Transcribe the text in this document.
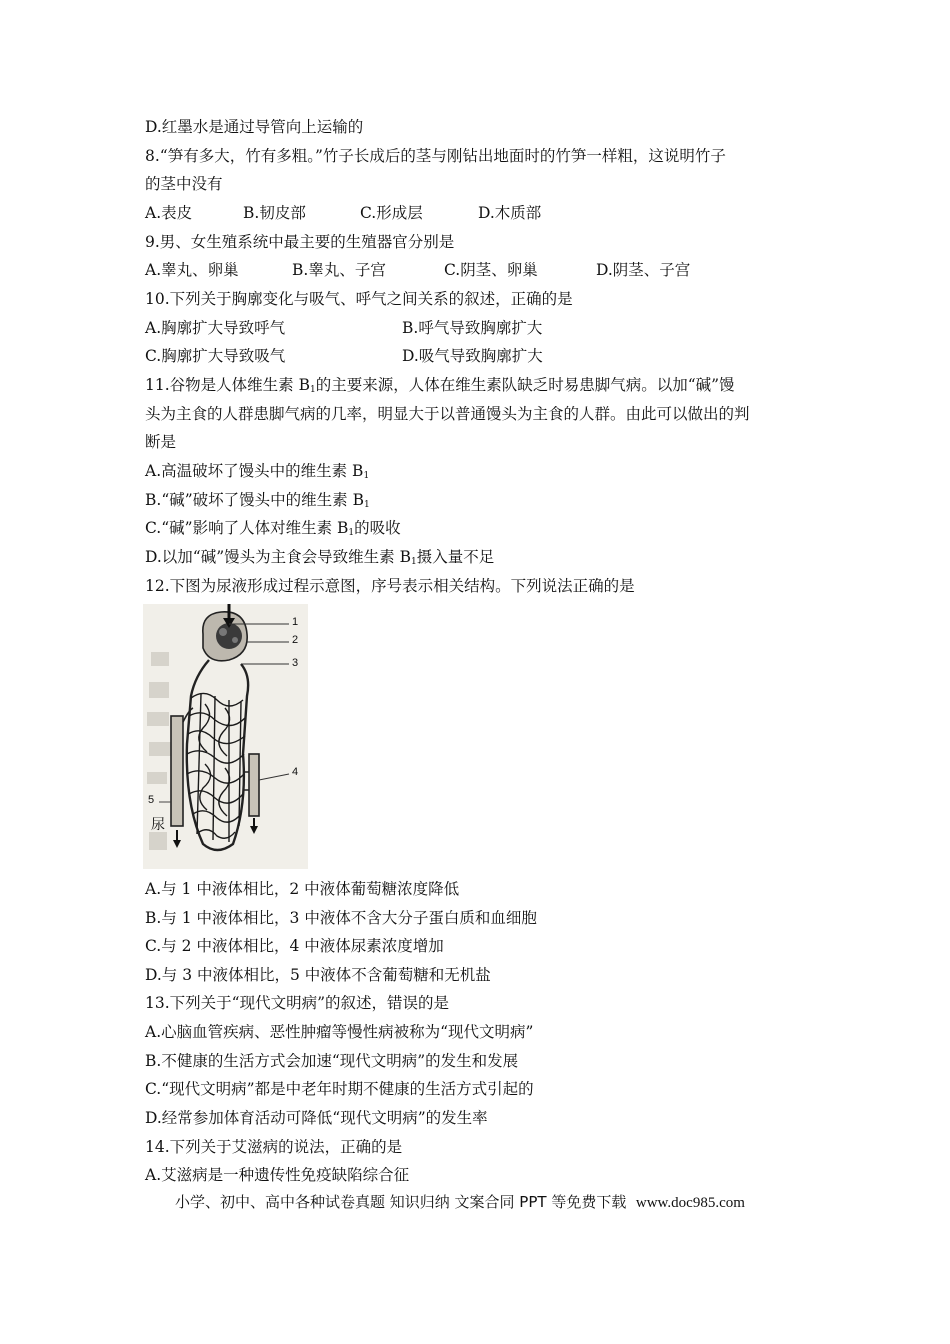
D.红墨水是通过导管向上运输的
8.“笋有多大，竹有多粗。”竹子长成后的茎与刚钻出地面时的竹笋一样粗，这说明竹子
的茎中没有
A.表皮	B.韧皮部	C.形成层	D.木质部
9.男、女生殖系统中最主要的生殖器官分别是
A.睾丸、卵巢	B.睾丸、子宫	C.阴茎、卵巢	D.阴茎、子宫
10.下列关于胸廓变化与吸气、呼气之间关系的叙述，正确的是
A.胸廓扩大导致呼气	B.呼气导致胸廓扩大
C.胸廓扩大导致吸气	D.吸气导致胸廓扩大
11.谷物是人体维生素 $B_1$的主要来源，人体在维生素队缺乏时易患脚气病。以加“碱”馒
头为主食的人群患脚气病的几率，明显大于以普通馒头为主食的人群。由此可以做出的判
断是
A.高温破坏了馒头中的维生素 $B_1$
B.“碱”破坏了馒头中的维生素 $B_1$
C.“碱”影响了人体对维生素 $B_1$的吸收
D.以加“碱”馒头为主食会导致维生素 $B_1$摄入量不足
12.下图为尿液形成过程示意图，序号表示相关结构。下列说法正确的是
1
2
3
4
5
尿
A.与 1 中液体相比，2 中液体葡萄糖浓度降低
B.与 1 中液体相比，3 中液体不含大分子蛋白质和血细胞
C.与 2 中液体相比，4 中液体尿素浓度增加
D.与 3 中液体相比，5 中液体不含葡萄糖和无机盐
13.下列关于“现代文明病”的叙述，错误的是
A.心脑血管疾病、恶性肿瘤等慢性病被称为“现代文明病”
B.不健康的生活方式会加速“现代文明病”的发生和发展
C.“现代文明病”都是中老年时期不健康的生活方式引起的
D.经常参加体育活动可降低“现代文明病”的发生率
14.下列关于艾滋病的说法，正确的是
A.艾滋病是一种遗传性免疫缺陷综合征
小学、初中、高中各种试卷真题 知识归纳 文案合同 PPT 等免费下载 www.doc985.com
